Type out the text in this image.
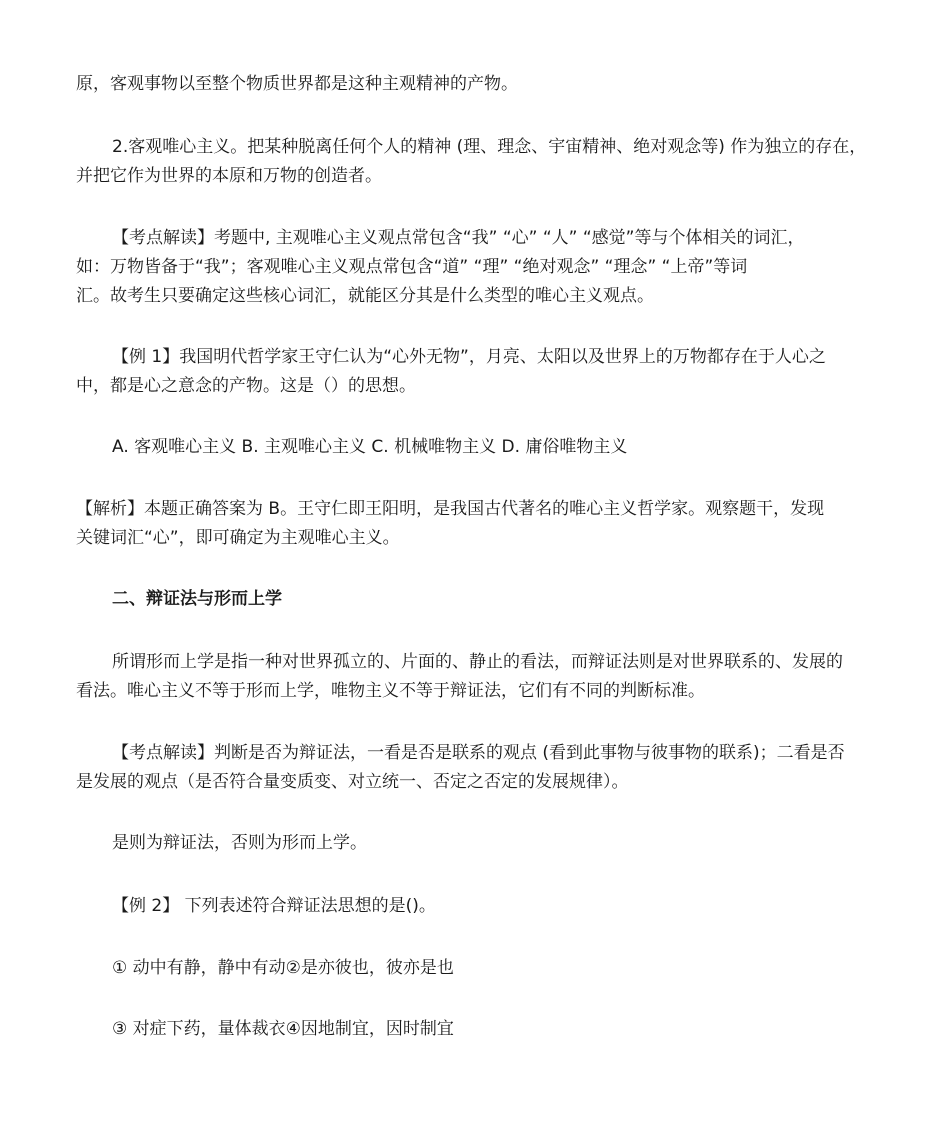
原，客观事物以至整个物质世界都是这种主观精神的产物。
2.客观唯心主义。把某种脱离任何个人的精神 (理、理念、宇宙精神、绝对观念等) 作为独立的存在，
并把它作为世界的本原和万物的创造者。
【考点解读】考题中, 主观唯心主义观点常包含“我” “心” “人” “感觉”等与个体相关的词汇，
如：万物皆备于“我”；客观唯心主义观点常包含“道” “理” “绝对观念” “理念” “上帝”等词
汇。故考生只要确定这些核心词汇，就能区分其是什么类型的唯心主义观点。
【例 1】我国明代哲学家王守仁认为“心外无物”，月亮、太阳以及世界上的万物都存在于人心之
中，都是心之意念的产物。这是（）的思想。
A. 客观唯心主义 B. 主观唯心主义 C. 机械唯物主义 D. 庸俗唯物主义
【解析】本题正确答案为 B。王守仁即王阳明，是我国古代著名的唯心主义哲学家。观察题干，发现
关键词汇“心”，即可确定为主观唯心主义。
二、辩证法与形而上学
所谓形而上学是指一种对世界孤立的、片面的、静止的看法，而辩证法则是对世界联系的、发展的
看法。唯心主义不等于形而上学，唯物主义不等于辩证法，它们有不同的判断标准。
【考点解读】判断是否为辩证法，一看是否是联系的观点 (看到此事物与彼事物的联系)；二看是否
是发展的观点（是否符合量变质变、对立统一、否定之否定的发展规律）。
是则为辩证法，否则为形而上学。
【例 2】 下列表述符合辩证法思想的是()。
① 动中有静，静中有动②是亦彼也，彼亦是也
③ 对症下药，量体裁衣④因地制宜，因时制宜
